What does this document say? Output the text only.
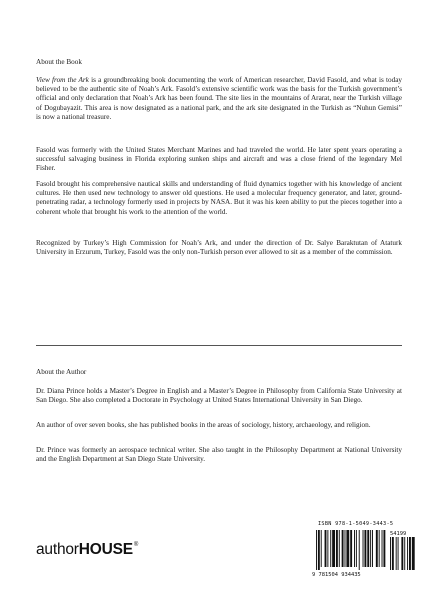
About the Book

View from the Ark is a groundbreaking book documenting the work of American researcher, David Fasold, and what is today believed to be the authentic site of Noah’s Ark. Fasold’s extensive scientific work was the basis for the Turkish government’s official and only declaration that Noah’s Ark has been found. The site lies in the mountains of Ararat, near the Turkish village of Dogubayazit. This area is now designated as a national park, and the ark site designated in the Turkish as “Nuhun Gemisi” is now a national treasure.

Fasold was formerly with the United States Merchant Marines and had traveled the world. He later spent years operating a successful salvaging business in Florida exploring sunken ships and aircraft and was a close friend of the legendary Mel Fisher.

Fasold brought his comprehensive nautical skills and understanding of fluid dynamics together with his knowledge of ancient cultures. He then used new technology to answer old questions. He used a molecular frequency generator, and later, ground-penetrating radar, a technology formerly used in projects by NASA. But it was his keen ability to put the pieces together into a coherent whole that brought his work to the attention of the world.

Recognized by Turkey’s High Commission for Noah’s Ark, and under the direction of Dr. Salye Baraktutan of Ataturk University in Erzurum, Turkey, Fasold was the only non-Turkish person ever allowed to sit as a member of the commission.

About the Author

Dr. Diana Prince holds a Master’s Degree in English and a Master’s Degree in Philosophy from California State University at San Diego. She also completed a Doctorate in Psychology at United States International University in San Diego.

An author of over seven books, she has published books in the areas of sociology, history, archaeology, and religion.

Dr. Prince was formerly an aerospace technical writer. She also taught in the Philosophy Department at National University and the English Department at San Diego State University.

authorHOUSE®
ISBN 978-1-5049-3443-5
9 781504 934435
54199
